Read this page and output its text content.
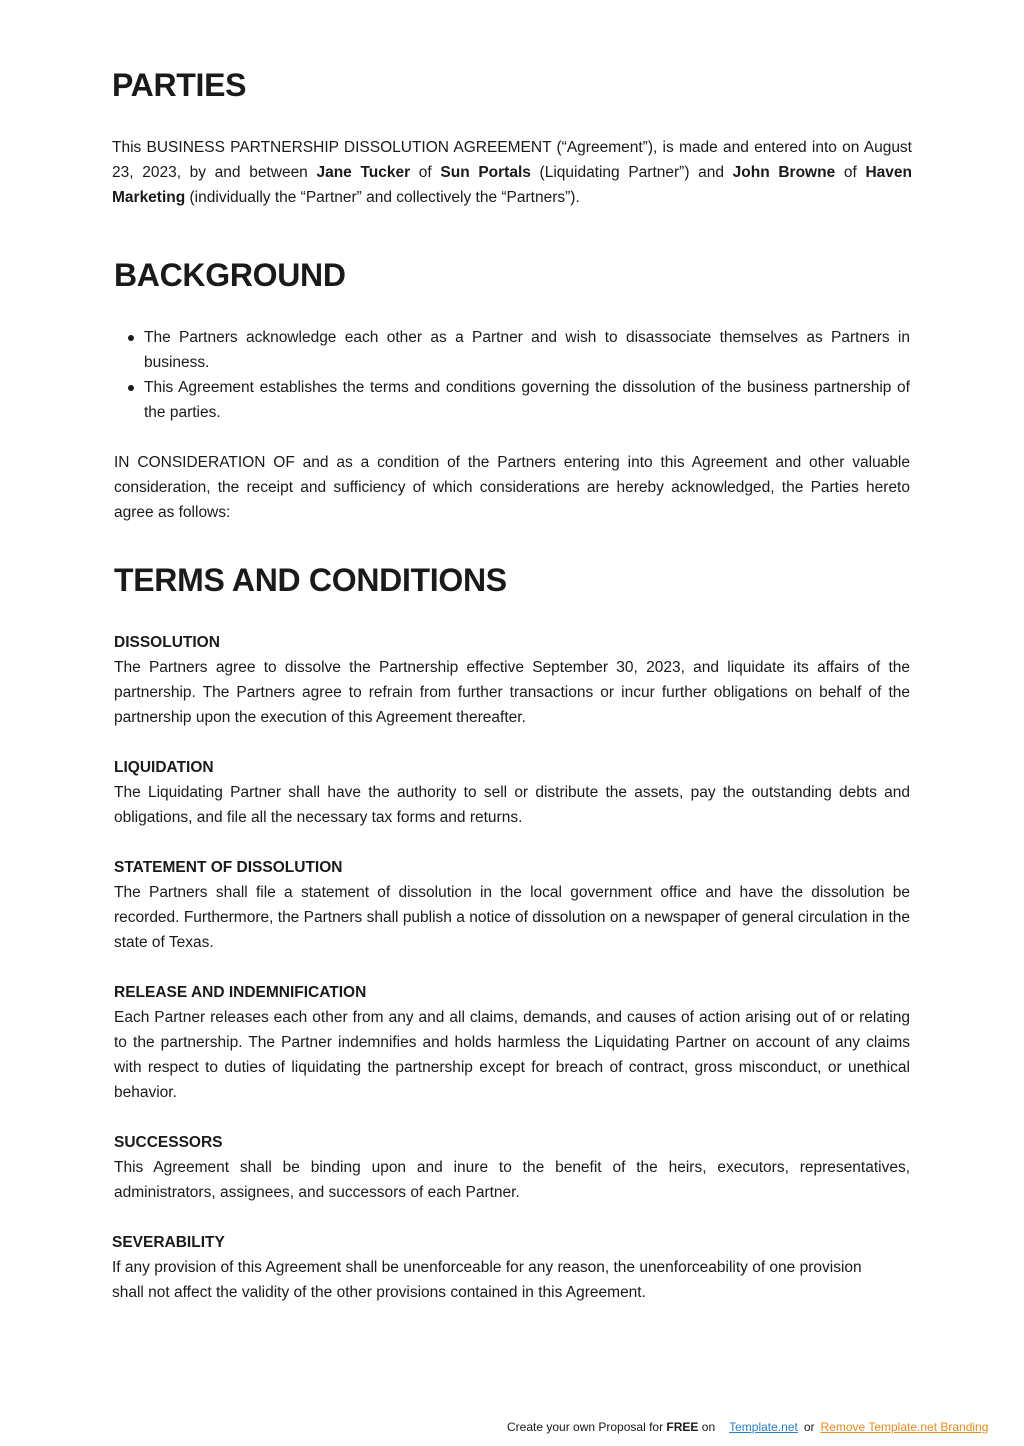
PARTIES

This BUSINESS PARTNERSHIP DISSOLUTION AGREEMENT (“Agreement”), is made and entered into on August 23, 2023, by and between Jane Tucker of Sun Portals (Liquidating Partner”) and John Browne of Haven Marketing (individually the “Partner” and collectively the “Partners”).

BACKGROUND
The Partners acknowledge each other as a Partner and wish to disassociate themselves as Partners in business.
This Agreement establishes the terms and conditions governing the dissolution of the business partnership of the parties.

IN CONSIDERATION OF and as a condition of the Partners entering into this Agreement and other valuable consideration, the receipt and sufficiency of which considerations are hereby acknowledged, the Parties hereto agree as follows:

TERMS AND CONDITIONS

DISSOLUTION

The Partners agree to dissolve the Partnership effective September 30, 2023, and liquidate its affairs of the partnership. The Partners agree to refrain from further transactions or incur further obligations on behalf of the partnership upon the execution of this Agreement thereafter.

LIQUIDATION

The Liquidating Partner shall have the authority to sell or distribute the assets, pay the outstanding debts and obligations, and file all the necessary tax forms and returns.

STATEMENT OF DISSOLUTION

The Partners shall file a statement of dissolution in the local government office and have the dissolution be recorded. Furthermore, the Partners shall publish a notice of dissolution on a newspaper of general circulation in the state of Texas.

RELEASE AND INDEMNIFICATION

Each Partner releases each other from any and all claims, demands, and causes of action arising out of or relating to the partnership. The Partner indemnifies and holds harmless the Liquidating Partner on account of any claims with respect to duties of liquidating the partnership except for breach of contract, gross misconduct, or unethical behavior.

SUCCESSORS

This Agreement shall be binding upon and inure to the benefit of the heirs, executors, representatives, administrators, assignees, and successors of each Partner.

SEVERABILITY

If any provision of this Agreement shall be unenforceable for any reason, the unenforceability of one provision shall not affect the validity of the other provisions contained in this Agreement.

Create your own Proposal for FREE on Template.net or Remove Template.net Branding
